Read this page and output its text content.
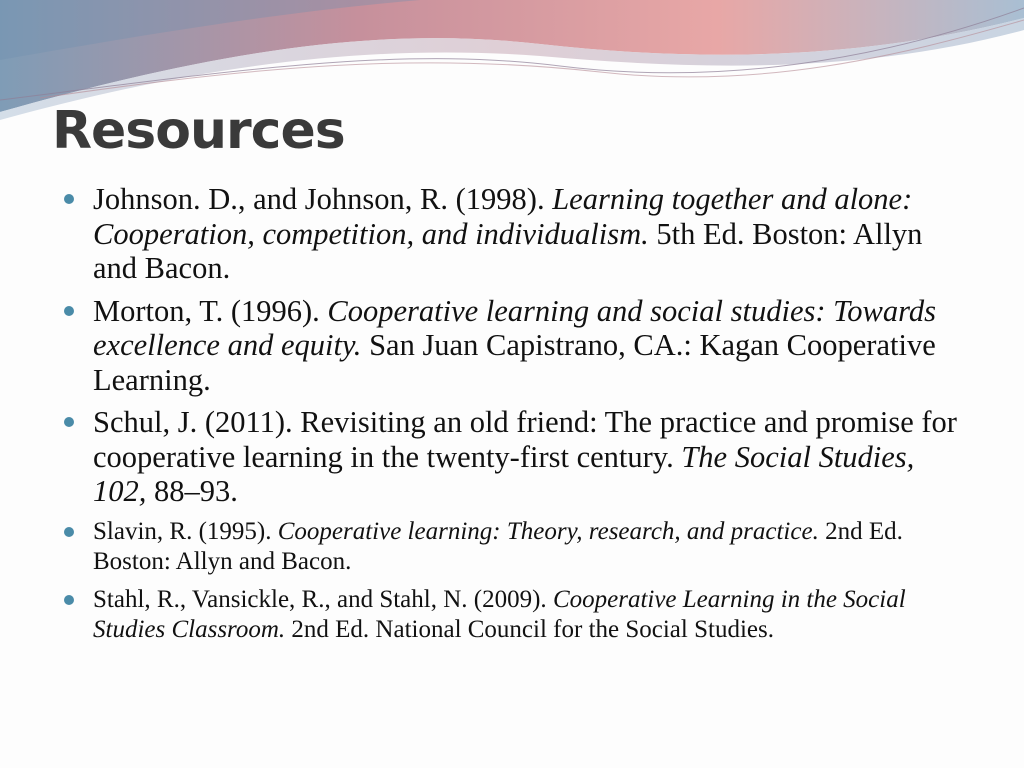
Resources
Johnson. D., and Johnson, R. (1998). Learning together and alone: Cooperation, competition, and individualism. 5th Ed. Boston: Allyn and Bacon.
Morton, T. (1996). Cooperative learning and social studies: Towards excellence and equity. San Juan Capistrano, CA.: Kagan Cooperative Learning.
Schul, J. (2011). Revisiting an old friend: The practice and promise for cooperative learning in the twenty-first century. The Social Studies, 102, 88–93.
Slavin, R. (1995). Cooperative learning: Theory, research, and practice. 2nd Ed. Boston: Allyn and Bacon.
Stahl, R., Vansickle, R., and Stahl, N. (2009). Cooperative Learning in the Social Studies Classroom. 2nd Ed. National Council for the Social Studies.
